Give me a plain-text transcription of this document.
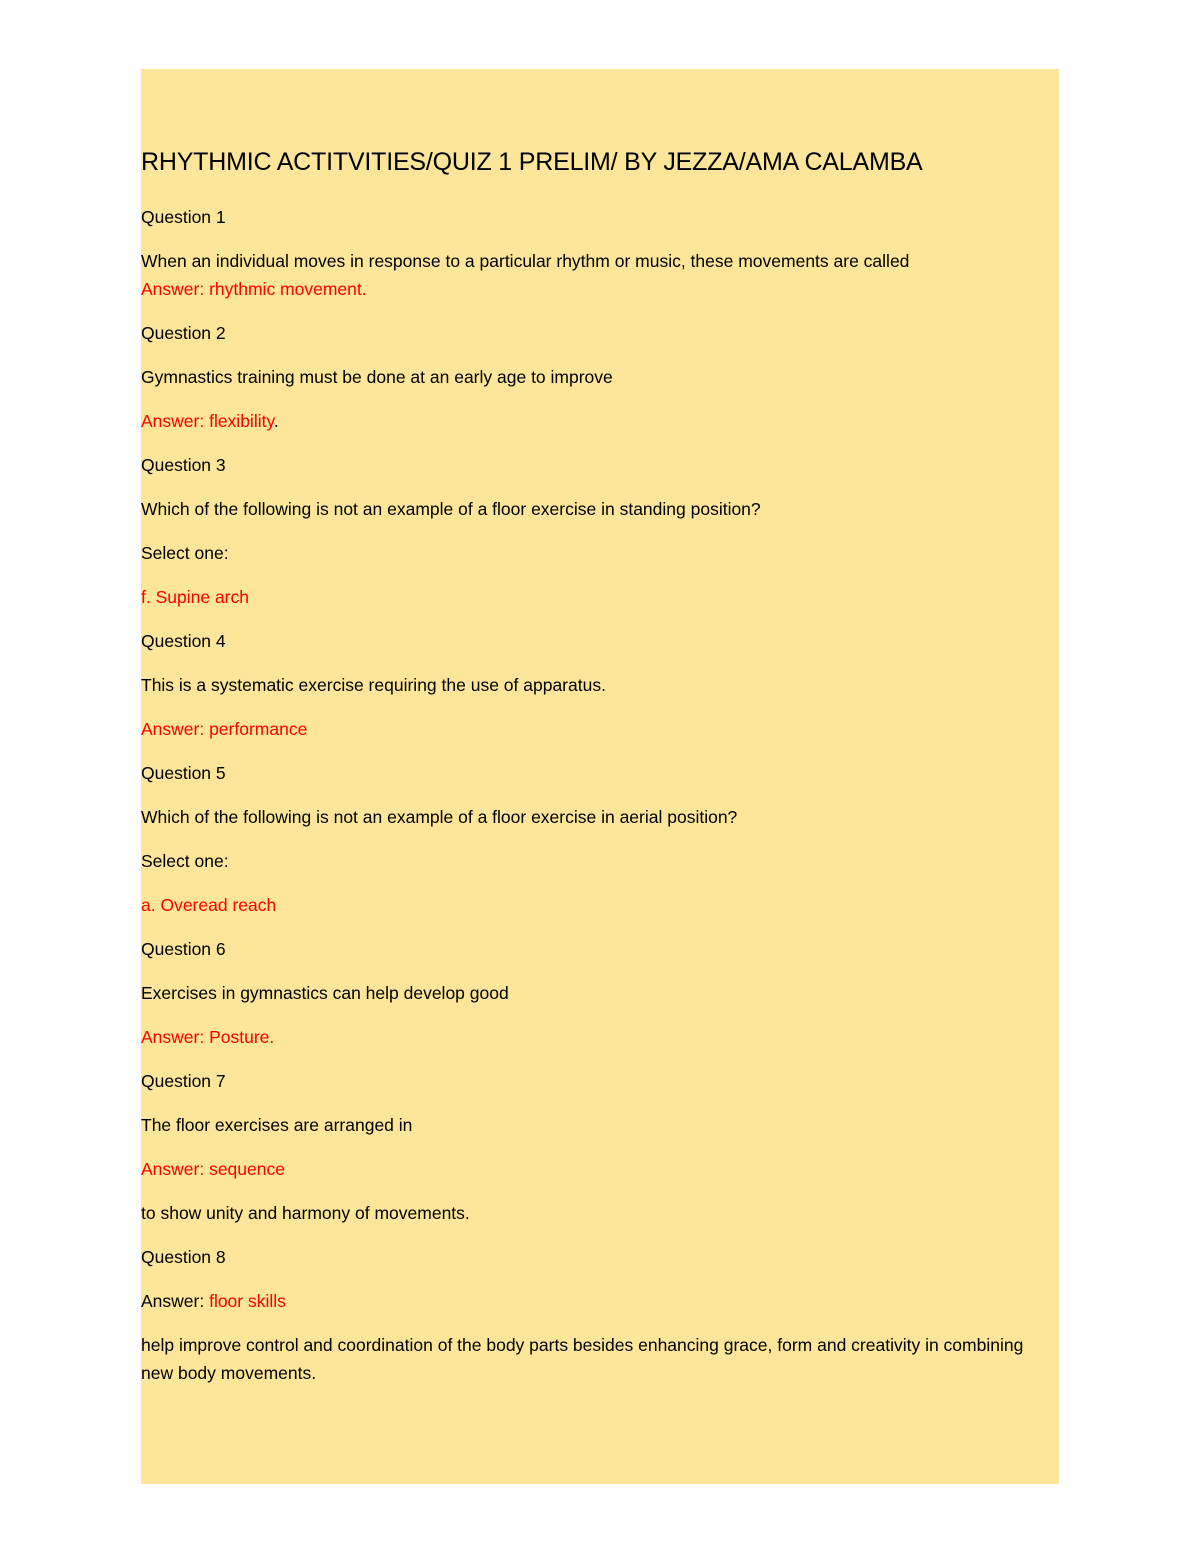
RHYTHMIC ACTITVITIES/QUIZ 1 PRELIM/ BY JEZZA/AMA CALAMBA
Question 1
When an individual moves in response to a particular rhythm or music, these movements are called
Answer: rhythmic movement.
Question 2
Gymnastics training must be done at an early age to improve
Answer: flexibility.
Question 3
Which of the following is not an example of a floor exercise in standing position?
Select one:
f. Supine arch
Question 4
This is a systematic exercise requiring the use of apparatus.
Answer: performance
Question 5
Which of the following is not an example of a floor exercise in aerial position?
Select one:
a. Overead reach
Question 6
Exercises in gymnastics can help develop good
Answer: Posture.
Question 7
The floor exercises are arranged in
Answer: sequence
to show unity and harmony of movements.
Question 8
Answer: floor skills
help improve control and coordination of the body parts besides enhancing grace, form and creativity in combining new body movements.
